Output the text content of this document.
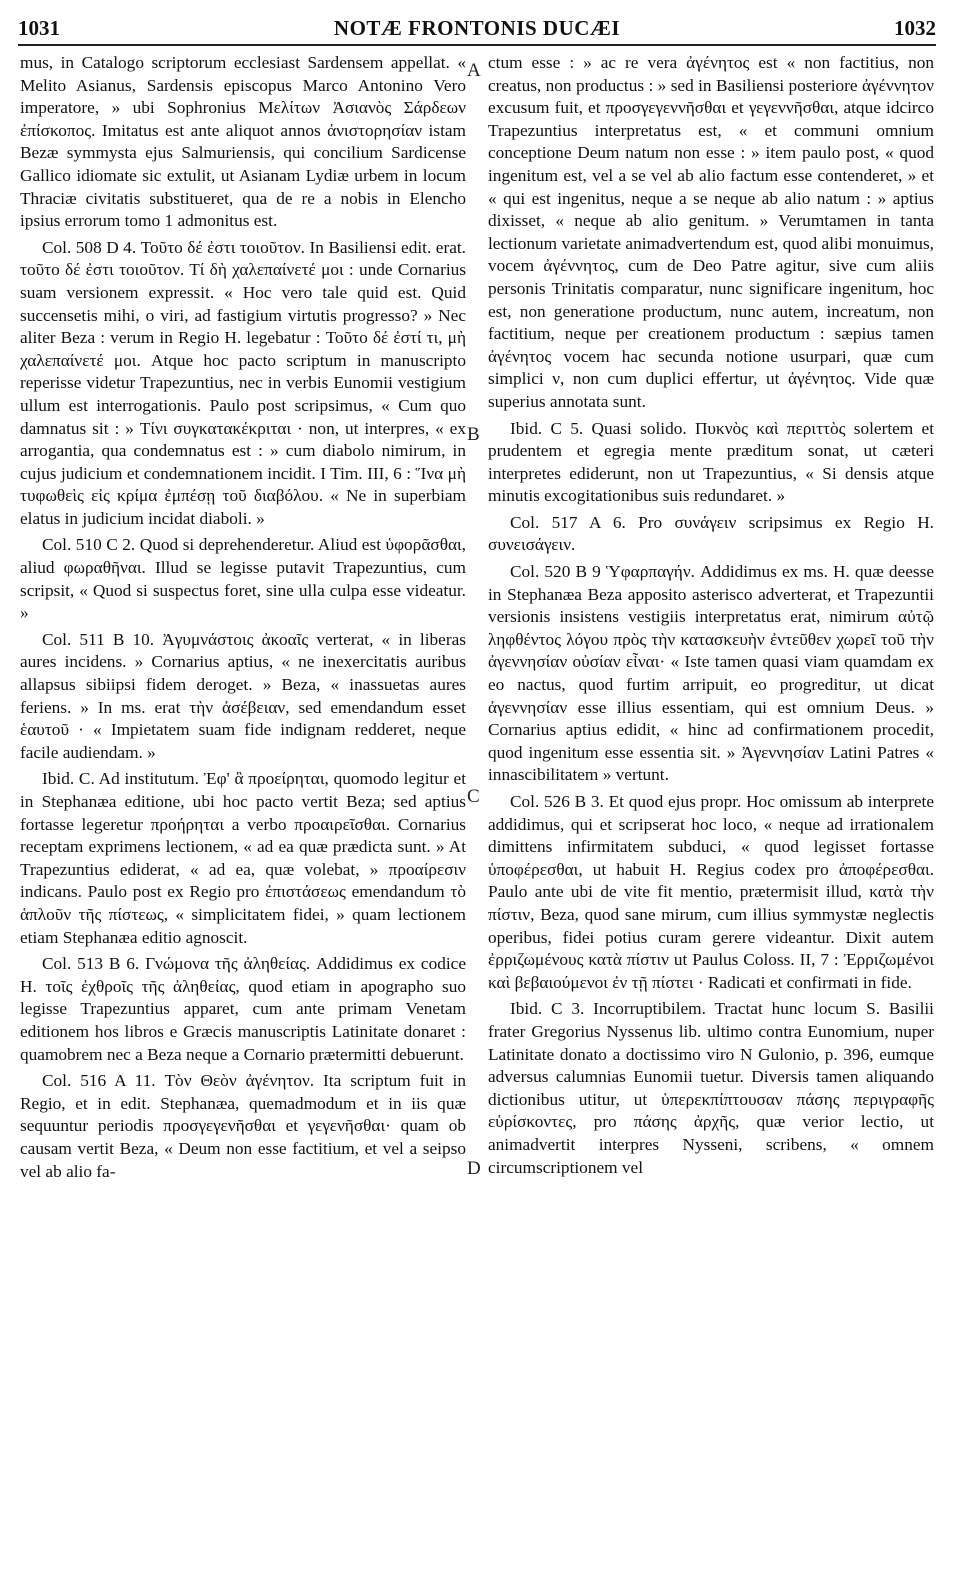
1031	NOTÆ FRONTONIS DUCÆI	1032

mus, in Catalogo scriptorum ecclesiast Sardensem appellat. « Melito Asianus, Sardensis episcopus Marco Antonino Vero imperatore, » ubi Sophronius Μελίτων Ἀσιανὸς Σάρδεων ἐπίσκοπος. Imitatus est ante aliquot annos ἀνιστορησίαν istam Bezæ symmysta ejus Salmuriensis, qui concilium Sardicense Gallico idiomate sic extulit, ut Asianam Lydiæ urbem in locum Thraciæ civitatis substitueret, qua de re a nobis in Elencho ipsius errorum tomo 1 admonitus est.

Col. 508 D 4. Τοῦτο δέ ἐστι τοιοῦτον. In Basiliensi edit. erat. τοῦτο δέ ἐστι τοιοῦτον. Τί δὴ χαλεπαίνετέ μοι : unde Cornarius suam versionem expressit. « Hoc vero tale quid est. Quid succensetis mihi, o viri, ad fastigium virtutis progresso? » Nec aliter Beza : verum in Regio H. legebatur : Τοῦτο δέ ἐστί τι, μὴ χαλεπαίνετέ μοι. Atque hoc pacto scriptum in manuscripto reperisse videtur Trapezuntius, nec in verbis Eunomii vestigium ullum est interrogationis. Paulo post scripsimus, « Cum quo damnatus sit : » Τίνι συγκατακέκριται · non, ut interpres, « ex arrogantia, qua condemnatus est : » cum diabolo nimirum, in cujus judicium et condemnationem incidit. I Tim. III, 6 : Ἵνα μὴ τυφωθεὶς εἰς κρίμα ἐμπέσῃ τοῦ διαβόλου. « Ne in superbiam elatus in judicium incidat diaboli. »

Col. 510 C 2. Quod si deprehenderetur. Aliud est ὑφορᾶσθαι, aliud φωραθῆναι. Illud se legisse putavit Trapezuntius, cum scripsit, « Quod si suspectus foret, sine ulla culpa esse videatur. »

Col. 511 B 10. Ἀγυμνάστοις ἀκοαῖς verterat, « in liberas aures incidens. » Cornarius aptius, « ne inexercitatis auribus allapsus sibiipsi fidem deroget. » Beza, « inassuetas aures feriens. » In ms. erat τὴν ἀσέβειαν, sed emendandum esset ἑαυτοῦ · « Impietatem suam fide indignam redderet, neque facile audiendam. »

Ibid. C. Ad institutum. Ἐφ' ἃ προείρηται, quomodo legitur et in Stephanæa editione, ubi hoc pacto vertit Beza; sed aptius fortasse legeretur προήρηται a verbo προαιρεῖσθαι. Cornarius receptam exprimens lectionem, « ad ea quæ prædicta sunt. » At Trapezuntius ediderat, « ad ea, quæ volebat, » προαίρεσιν indicans. Paulo post ex Regio pro ἐπιστάσεως emendandum τὸ ἁπλοῦν τῆς πίστεως, « simplicitatem fidei, » quam lectionem etiam Stephanæa editio agnoscit.

Col. 513 B 6. Γνώμονα τῆς ἀληθείας. Addidimus ex codice H. τοῖς ἐχθροῖς τῆς ἀληθείας, quod etiam in apographo suo legisse Trapezuntius apparet, cum ante primam Venetam editionem hos libros e Græcis manuscriptis Latinitate donaret : quamobrem nec a Beza neque a Cornario prætermitti debuerunt.

Col. 516 A 11. Τὸν Θεὸν ἀγένητον. Ita scriptum fuit in Regio, et in edit. Stephanæa, quemadmodum et in iis quæ sequuntur periodis προσγεγενῆσθαι et γεγενῆσθαι· quam ob causam vertit Beza, « Deum non esse factitium, et vel a seipso vel ab alio fa-

A
B
C
D

ctum esse : » ac re vera ἀγένητος est « non factitius, non creatus, non productus : » sed in Basiliensi posteriore ἀγέννητον excusum fuit, et προσγεγεννῆσθαι et γεγεννῆσθαι, atque idcirco Trapezuntius interpretatus est, « et communi omnium conceptione Deum natum non esse : » item paulo post, « quod ingenitum est, vel a se vel ab alio factum esse contenderet, » et « qui est ingenitus, neque a se neque ab alio natum : » aptius dixisset, « neque ab alio genitum. » Verumtamen in tanta lectionum varietate animadvertendum est, quod alibi monuimus, vocem ἀγέννητος, cum de Deo Patre agitur, sive cum aliis personis Trinitatis comparatur, nunc significare ingenitum, hoc est, non generatione productum, nunc autem, increatum, non factitium, neque per creationem productum : sæpius tamen ἀγένητος vocem hac secunda notione usurpari, quæ cum simplici ν, non cum duplici effertur, ut ἀγένητος. Vide quæ superius annotata sunt.

Ibid. C 5. Quasi solido. Πυκνὸς καὶ περιττὸς solertem et prudentem et egregia mente præditum sonat, ut cæteri interpretes ediderunt, non ut Trapezuntius, « Si densis atque minutis excogitationibus suis redundaret. »

Col. 517 A 6. Pro συνάγειν scripsimus ex Regio H. συνεισάγειν.

Col. 520 B 9 Ὑφαρπαγήν. Addidimus ex ms. H. quæ deesse in Stephanæa Beza apposito asterisco adverterat, et Trapezuntii versionis insistens vestigiis interpretatus erat, nimirum αὐτῷ ληφθέντος λόγου πρὸς τὴν κατασκευὴν ἐντεῦθεν χωρεῖ τοῦ τὴν ἀγεννησίαν οὐσίαν εἶναι· « Iste tamen quasi viam quamdam ex eo nactus, quod furtim arripuit, eo progreditur, ut dicat ἀγεννησίαν esse illius essentiam, qui est omnium Deus. » Cornarius aptius edidit, « hinc ad confirmationem procedit, quod ingenitum esse essentia sit. » Ἀγεννησίαν Latini Patres « innascibilitatem » vertunt.

Col. 526 B 3. Et quod ejus propr. Hoc omissum ab interprete addidimus, qui et scripserat hoc loco, « neque ad irrationalem dimittens infirmitatem subduci, « quod legisset fortasse ὑποφέρεσθαι, ut habuit H. Regius codex pro ἀποφέρεσθαι. Paulo ante ubi de vite fit mentio, prætermisit illud, κατὰ τὴν πίστιν, Beza, quod sane mirum, cum illius symmystæ neglectis operibus, fidei potius curam gerere videantur. Dixit autem ἐρριζωμένους κατὰ πίστιν ut Paulus Coloss. II, 7 : Ἐρριζωμένοι καὶ βεβαιούμενοι ἐν τῇ πίστει · Radicati et confirmati in fide.

Ibid. C 3. Incorruptibilem. Tractat hunc locum S. Basilii frater Gregorius Nyssenus lib. ultimo contra Eunomium, nuper Latinitate donato a doctissimo viro N Gulonio, p. 396, eumque adversus calumnias Eunomii tuetur. Diversis tamen aliquando dictionibus utitur, ut ὑπερεκπίπτουσαν πάσης περιγραφῆς εὑρίσκοντες, pro πάσης ἀρχῆς, quæ verior lectio, ut animadvertit interpres Nysseni, scribens, « omnem circumscriptionem vel
